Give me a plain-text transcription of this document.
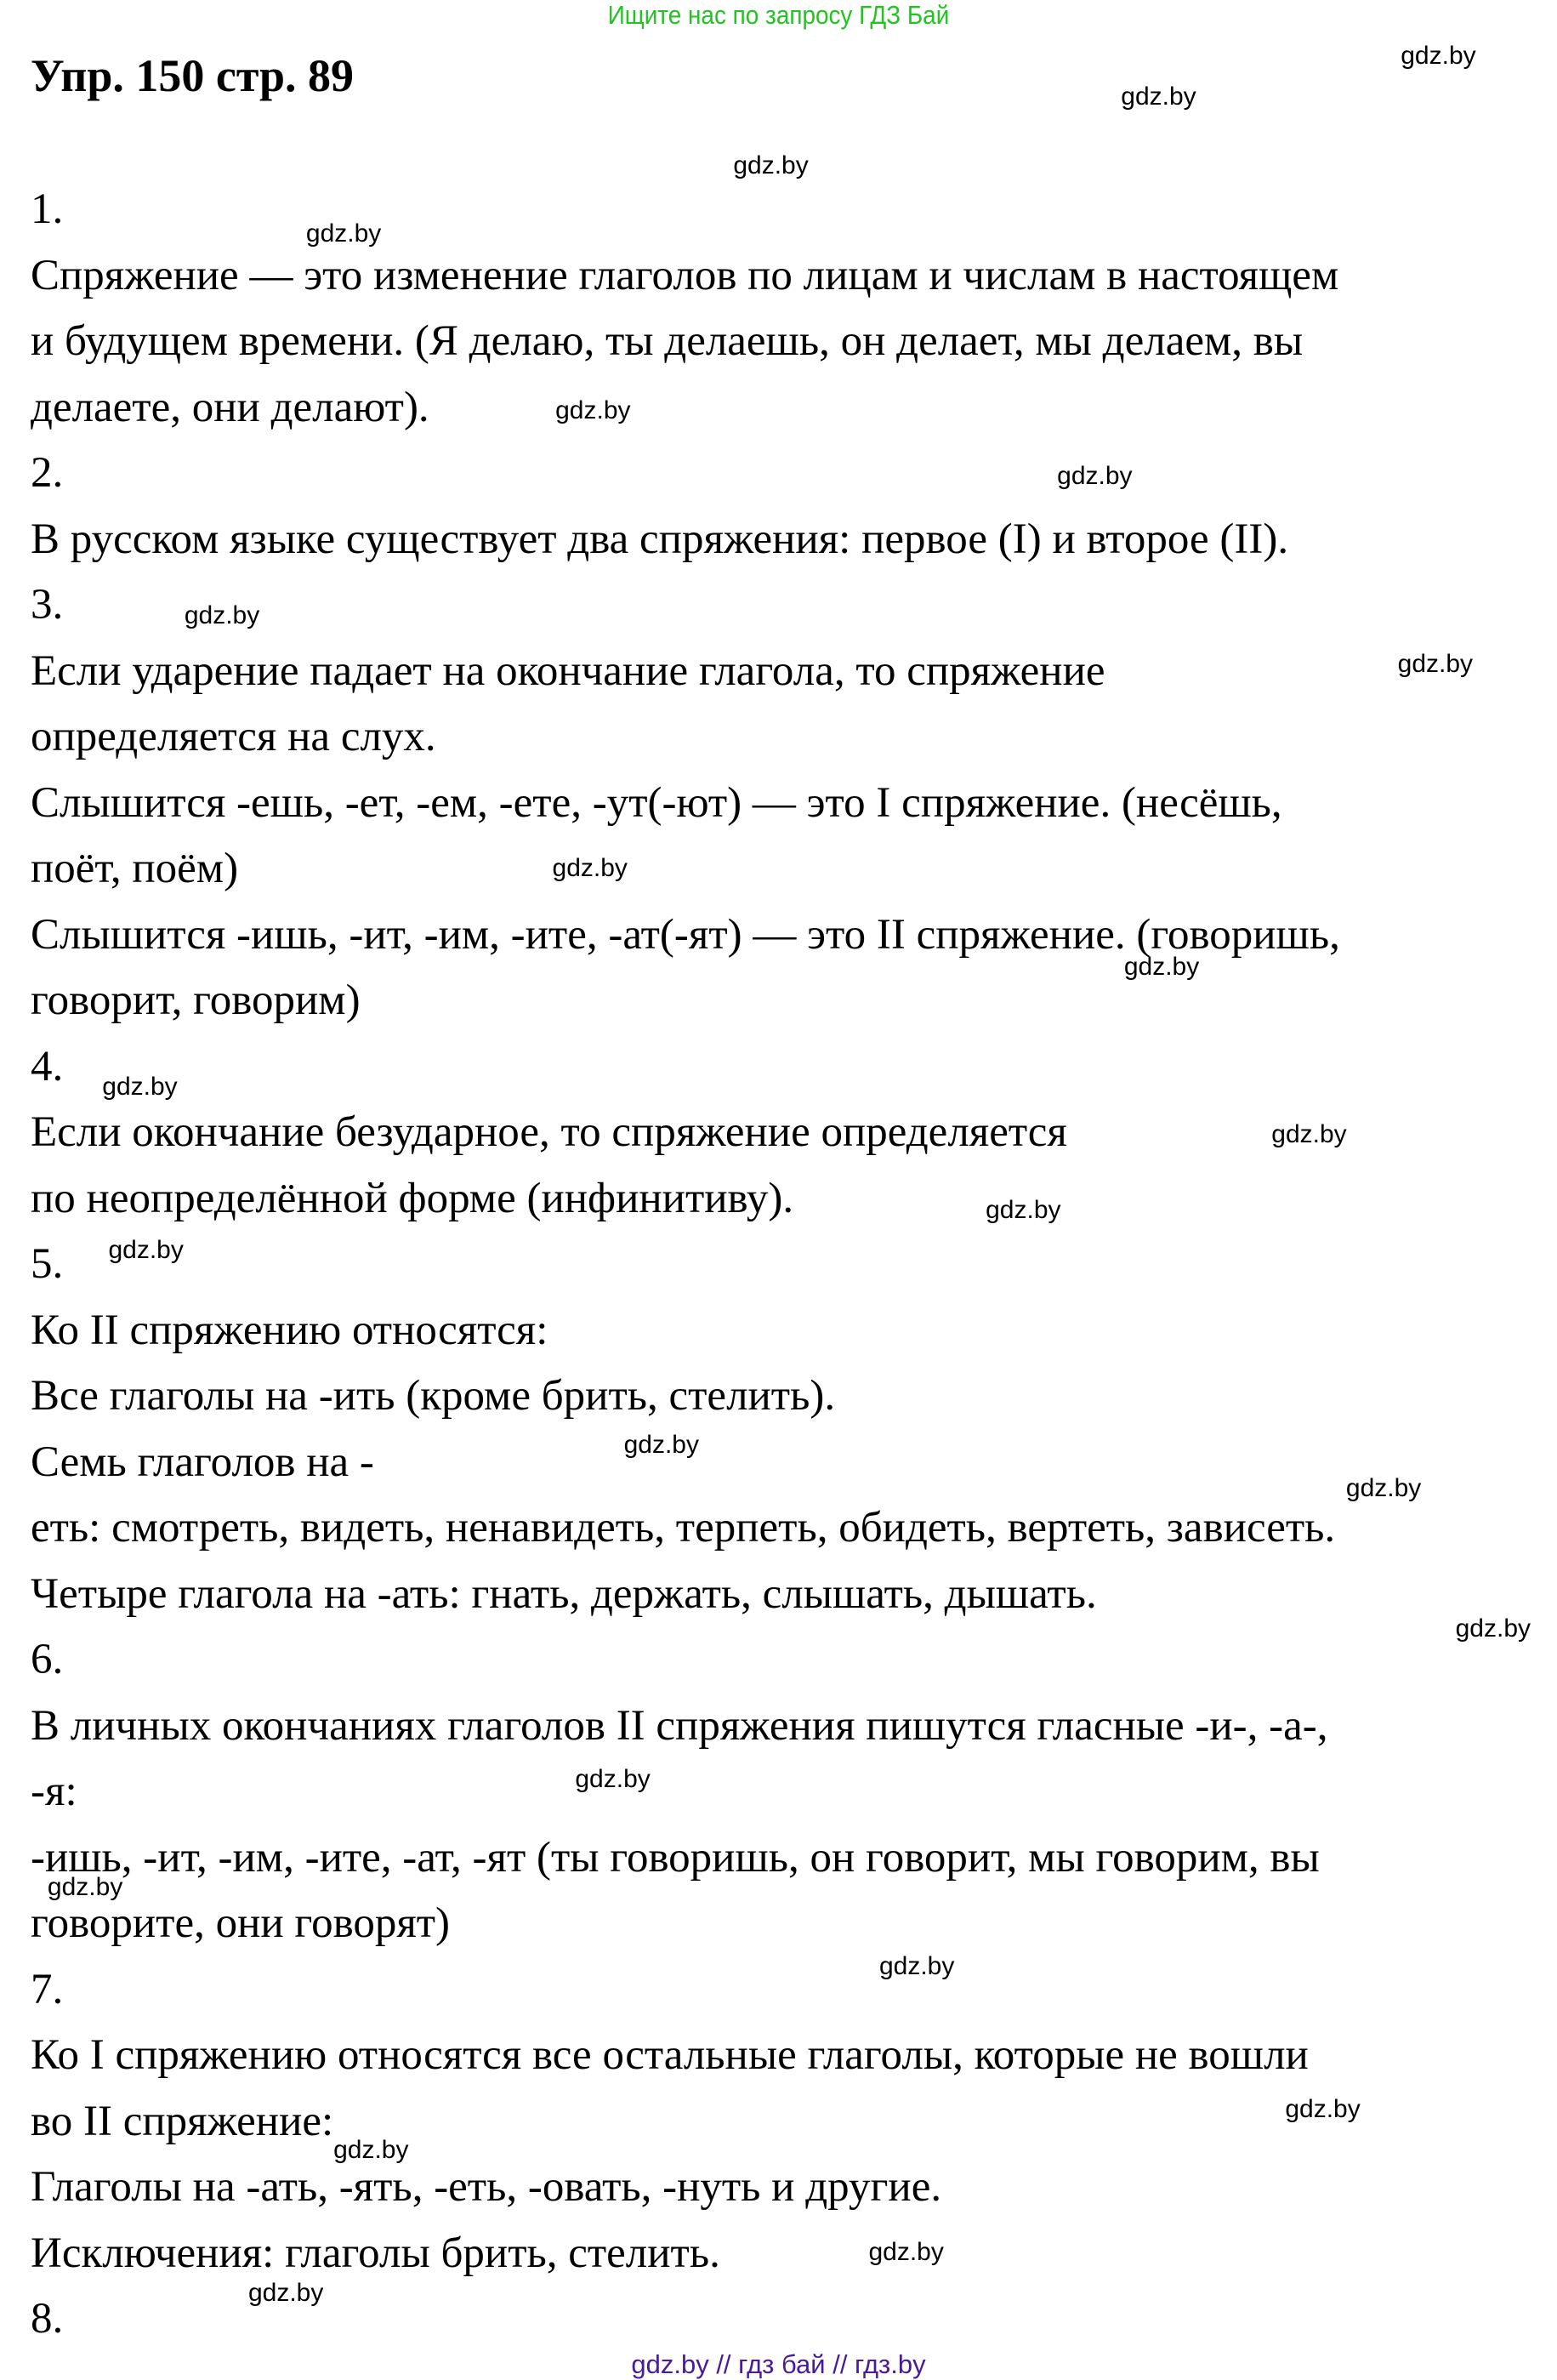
Ищите нас по запросу ГДЗ Бай
Упр. 150 стр. 89
1.
Спряжение — это изменение глаголов по лицам и числам в настоящем
и будущем времени. (Я делаю, ты делаешь, он делает, мы делаем, вы
делаете, они делают).
2.
В русском языке существует два спряжения: первое (I) и второе (II).
3.
Если ударение падает на окончание глагола, то спряжение
определяется на слух.
Слышится -ешь, -ет, -ем, -ете, -ут(-ют) — это I спряжение. (несёшь,
поёт, поём)
Слышится -ишь, -ит, -им, -ите, -ат(-ят) — это II спряжение. (говоришь,
говорит, говорим)
4.
Если окончание безударное, то спряжение определяется
по неопределённой форме (инфинитиву).
5.
Ко II спряжению относятся:
Все глаголы на -ить (кроме брить, стелить).
Семь глаголов на -
еть: смотреть, видеть, ненавидеть, терпеть, обидеть, вертеть, зависеть.
Четыре глагола на -ать: гнать, держать, слышать, дышать.
6.
В личных окончаниях глаголов II спряжения пишутся гласные -и-, -а-,
-я:
-ишь, -ит, -им, -ите, -ат, -ят (ты говоришь, он говорит, мы говорим, вы
говорите, они говорят)
7.
Ко I спряжению относятся все остальные глаголы, которые не вошли
во II спряжение:
Глаголы на -ать, -ять, -еть, -овать, -нуть и другие.
Исключения: глаголы брить, стелить.
8.
gdz.by
gdz.by
gdz.by
gdz.by
gdz.by
gdz.by
gdz.by
gdz.by
gdz.by
gdz.by
gdz.by
gdz.by
gdz.by
gdz.by
gdz.by
gdz.by
gdz.by
gdz.by
gdz.by
gdz.by
gdz.by
gdz.by
gdz.by
gdz.by
gdz.by // гдз бай // гдз.by
